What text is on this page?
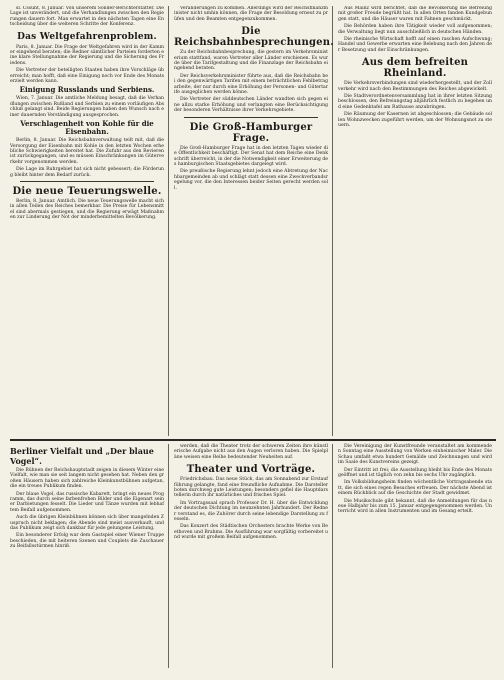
sl. Cssunt, 8. Januar. Von unserem Sonder-Berichterstatter. Die Lage ist unverändert, und die Verhandlungen zwischen den Regierungen dauern fort. Man erwartet in den nächsten Tagen eine Entscheidung über die weiteren Schritte der Konferenz.

Das Weltgefahrenproblem.

Paris, 8. Januar. Die Frage der Weltgefahren wird in der Kammer eingehend beraten; die Redner sämtlicher Parteien forderten eine klare Stellungnahme der Regierung und die Sicherung des Friedens.

Die Vertreter der beteiligten Staaten haben ihre Vorschläge überreicht; man hofft, daß eine Einigung noch vor Ende des Monats erzielt werden kann.

Einigung Russlands und Serbiens.

Wien, 7. Januar. Die amtliche Meldung besagt, daß die Verhandlungen zwischen Rußland und Serbien zu einem vorläufigen Abschluß gelangt sind. Beide Regierungen haben den Wunsch nach einer dauernden Verständigung ausgesprochen.

Verschlagenheit von Kohle für die Eisenbahn.

Berlin, 8. Januar. Die Reichsbahnverwaltung teilt mit, daß die Versorgung der Eisenbahn mit Kohle in den letzten Wochen erhebliche Schwierigkeiten bereitet hat. Die Zufuhr aus den Revieren ist zurückgegangen, und es müssen Einschränkungen im Güterverkehr vorgenommen werden.

Die Lage im Ruhrgebiet hat sich nicht gebessert; die Förderung bleibt hinter dem Bedarf zurück.

Die neue Teuerungswelle.

Berlin, 8. Januar. Amtlich. Die neue Teuerungswelle macht sich in allen Teilen des Reiches bemerkbar. Die Preise für Lebensmittel sind abermals gestiegen, und die Regierung erwägt Maßnahmen zur Linderung der Not der minderbemittelten Bevölkerung.

Veränderungen zu kommen. Allerdings wird der Reichsfinanzminister nicht umhin können, die Frage der Besoldung erneut zu prüfen und den Beamten entgegenzukommen.

Die Reichsbahnbesprechungen.

Zu der Reichsbahnbesprechung, die gestern im Verkehrsministerium stattfand, waren Vertreter aller Länder erschienen. Es wurde über die Tarifgestaltung und die Finanzlage der Reichsbahn eingehend beraten.

Der Reichsverkehrsminister führte aus, daß die Reichsbahn bei den gegenwärtigen Tarifen mit einem beträchtlichen Fehlbetrag arbeite, der nur durch eine Erhöhung der Personen- und Gütertarife ausgeglichen werden könne.

Die Vertreter der süddeutschen Länder wandten sich gegen eine allzu starke Erhöhung und verlangten eine Berücksichtigung der besonderen Verhältnisse ihrer Verkehrsgebiete.

Die Groß-Hamburger Frage.

Die Groß-Hamburger Frage hat in den letzten Tagen wieder die Öffentlichkeit beschäftigt. Der Senat hat dem Reiche eine Denkschrift überreicht, in der die Notwendigkeit einer Erweiterung des hamburgischen Staatsgebietes dargelegt wird.

Die preußische Regierung lehnt jedoch eine Abtretung der Nachbargemeinden ab und schlägt statt dessen eine Zweckverbandsregelung vor, die den Interessen beider Seiten gerecht werden soll.

Aus Mainz wird berichtet, daß die Bevölkerung die Befreiung mit großer Freude begrüßt hat. In allen Orten fanden Kundgebungen statt, und die Häuser waren mit Fahnen geschmückt.

Die Behörden haben ihre Tätigkeit wieder voll aufgenommen; die Verwaltung liegt nun ausschließlich in deutschen Händen.

Die rheinische Wirtschaft hofft auf einen raschen Aufschwung; Handel und Gewerbe erwarten eine Belebung nach den Jahren der Besetzung und der Einschränkungen.

Aus dem befreiten Rheinland.

Die Verkehrsverbindungen sind wiederhergestellt, und der Zollverkehr wird nach den Bestimmungen des Reiches abgewickelt.

Die Stadtverordnetenversammlung hat in ihrer letzten Sitzung beschlossen, den Befreiungstag alljährlich festlich zu begehen und eine Gedenktafel am Rathause anzubringen.

Die Räumung der Kasernen ist abgeschlossen; die Gebäude sollen Wohnzwecken zugeführt werden, um der Wohnungsnot zu steuern.

Berliner Vielfalt und „Der blaue Vogel“.

Die Bühnen der Reichshauptstadt zeigen in diesem Winter eine Vielfalt, wie man sie seit langem nicht gesehen hat. Neben den großen Häusern haben sich zahlreiche Kleinkunstbühnen aufgetan, die ein treues Publikum finden.

Der blaue Vogel, das russische Kabarett, bringt ein neues Programm, das durch seine farbenfrohen Bilder und die Eigenart seiner Darbietungen fesselt. Die Lieder und Tänze wurden mit lebhaftem Beifall aufgenommen.

Auch die übrigen Kleinbühnen können sich über mangelnden Zuspruch nicht beklagen; die Abende sind meist ausverkauft, und das Publikum zeigt sich dankbar für jede gelungene Leistung.

Ein besonderer Erfolg war dem Gastspiel einer Wiener Truppe beschieden, die mit heiteren Szenen und Couplets die Zuschauer zu Beifallsstürmen hinriß.

werden, daß die Theater trotz der schweren Zeiten ihre künstlerische Aufgabe nicht aus den Augen verloren haben. Die Spielpläne weisen eine Reihe bedeutender Neuheiten auf.

Theater und Vorträge.

Friedrichsbau. Das neue Stück, das am Sonnabend zur Erstaufführung gelangte, fand eine freundliche Aufnahme. Die Darsteller boten durchweg gute Leistungen; besonders gefiel die Hauptdarstellerin durch ihr natürliches und frisches Spiel.

Im Vortragssaal sprach Professor Dr. H. über die Entwicklung der deutschen Dichtung im neunzehnten Jahrhundert. Der Redner verstand es, die Zuhörer durch seine lebendige Darstellung zu fesseln.

Das Konzert des Städtischen Orchesters brachte Werke von Beethoven und Brahms. Die Ausführung war sorgfältig vorbereitet und wurde mit großem Beifall aufgenommen.

Die Vereinigung der Kunstfreunde veranstaltet am kommenden Sonntag eine Ausstellung von Werken einheimischer Maler. Die Schau umfaßt etwa hundert Gemälde und Zeichnungen und wird im Saale des Kunstvereins gezeigt.

Der Eintritt ist frei; die Ausstellung bleibt bis Ende des Monats geöffnet und ist täglich von zehn bis sechs Uhr zugänglich.

Im Volksbildungsheim finden wöchentliche Vortragsabende statt, die sich eines regen Besuches erfreuen. Der nächste Abend ist einem Rückblick auf die Geschichte der Stadt gewidmet.

Die Musikschule gibt bekannt, daß die Anmeldungen für das neue Halbjahr bis zum 15. Januar entgegengenommen werden. Unterricht wird in allen Instrumenten und im Gesang erteilt.
